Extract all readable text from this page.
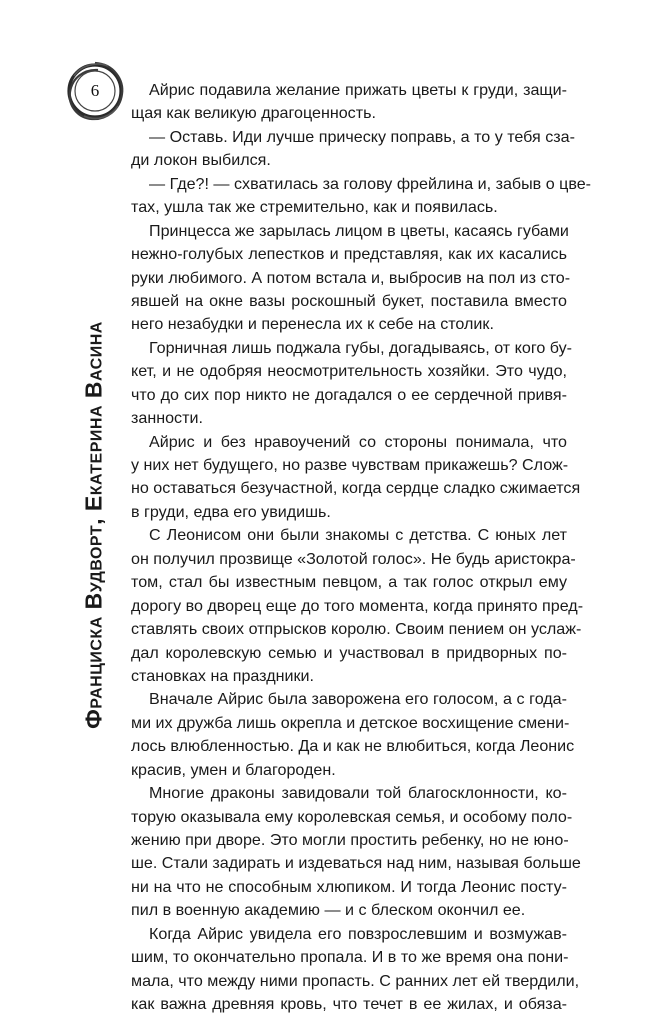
6
Франциска Вудворт, Екатерина Васина
Айрис подавила желание прижать цветы к груди, защи-
щая как великую драгоценность.
— Оставь. Иди лучше прическу поправь, а то у тебя сза-
ди локон выбился.
— Где?! — схватилась за голову фрейлина и, забыв о цве-
тах, ушла так же стремительно, как и появилась.
Принцесса же зарылась лицом в цветы, касаясь губами
нежно-голубых лепестков и представляя, как их касались
руки любимого. А потом встала и, выбросив на пол из сто-
явшей на окне вазы роскошный букет, поставила вместо
него незабудки и перенесла их к себе на столик.
Горничная лишь поджала губы, догадываясь, от кого бу-
кет, и не одобряя неосмотрительность хозяйки. Это чудо,
что до сих пор никто не догадался о ее сердечной привя-
занности.
Айрис и без нравоучений со стороны понимала, что
у них нет будущего, но разве чувствам прикажешь? Слож-
но оставаться безучастной, когда сердце сладко сжимается
в груди, едва его увидишь.
С Леонисом они были знакомы с детства. С юных лет
он получил прозвище «Золотой голос». Не будь аристокра-
том, стал бы известным певцом, а так голос открыл ему
дорогу во дворец еще до того момента, когда принято пред-
ставлять своих отпрысков королю. Своим пением он услаж-
дал королевскую семью и участвовал в придворных по-
становках на праздники.
Вначале Айрис была заворожена его голосом, а с года-
ми их дружба лишь окрепла и детское восхищение смени-
лось влюбленностью. Да и как не влюбиться, когда Леонис
красив, умен и благороден.
Многие драконы завидовали той благосклонности, ко-
торую оказывала ему королевская семья, и особому поло-
жению при дворе. Это могли простить ребенку, но не юно-
ше. Стали задирать и издеваться над ним, называя больше
ни на что не способным хлюпиком. И тогда Леонис посту-
пил в военную академию — и с блеском окончил ее.
Когда Айрис увидела его повзрослевшим и возмужав-
шим, то окончательно пропала. И в то же время она пони-
мала, что между ними пропасть. С ранних лет ей твердили,
как важна древняя кровь, что течет в ее жилах, и обяза-
